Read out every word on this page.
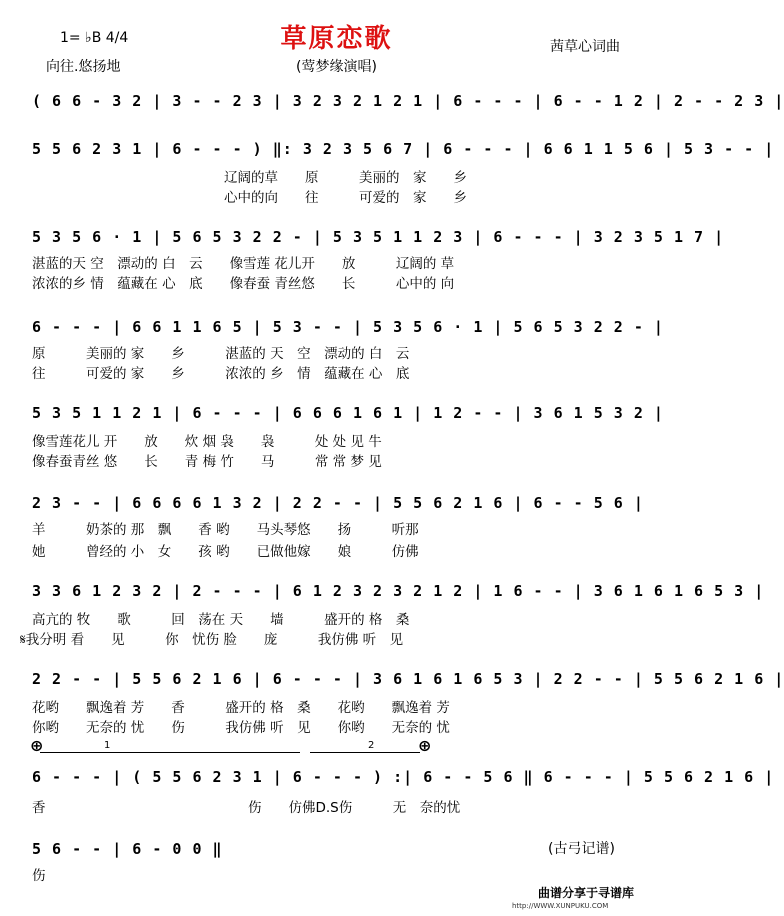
草原恋歌
(莺梦缘演唱)
1= ♭B 4/4
向往.悠扬地
茜草心词曲
( 6 6 - 3 2 | 3 - - 2 3 | 3 2 3 2 1 2 1 | 6 - - - | 6 - - 1 2 | 2 - - 2 3 |
5 5 6 2 3 1 | 6 - - - ) ‖: 3 2 3 5 6 7 | 6 - - - | 6 6 1 1 5 6 | 5 3 - - |
辽阔的草　　原　　　美丽的　家　　乡
心中的向　　往　　　可爱的　家　　乡
5 3 5 6 · 1 | 5 6 5 3 2 2 - | 5 3 5 1 1 2 3 | 6 - - - | 3 2 3 5 1 7 |
湛蓝的天 空　漂动的 白　云　　像雪莲 花儿开　　放　　　辽阔的 草
浓浓的乡 情　蕴藏在 心　底　　像春蚕 青丝悠　　长　　　心中的 向
6 - - - | 6 6 1 1 6 5 | 5 3 - - | 5 3 5 6 · 1 | 5 6 5 3 2 2 - |
原　　　美丽的 家　　乡　　　湛蓝的 天　空　漂动的 白　云
往　　　可爱的 家　　乡　　　浓浓的 乡　情　蕴藏在 心　底
5 3 5 1 1 2 1 | 6 - - - | 6 6 6 1 6 1 | 1 2 - - | 3 6 1 5 3 2 |
像雪莲花儿 开　　放　　炊 烟 袅　　袅　　　处 处 见 牛
像春蚕青丝 悠　　长　　青 梅 竹　　马　　　常 常 梦 见
2 3 - - | 6 6 6 6 1 3 2 | 2 2 - - | 5 5 6 2 1 6 | 6 - - 5 6 |
羊　　　奶茶的 那　飘　　香 哟　　马头琴悠　　扬　　　听那
她　　　曾经的 小　女　　孩 哟　　已做他嫁　　娘　　　仿佛
3 3 6 1 2 3 2 | 2 - - - | 6 1 2 3 2 3 2 1 2 | 1 6 - - | 3 6 1 6 1 6 5 3 |
高亢的 牧　　歌　　　回　荡在 天　　墙　　　盛开的 格　桑
𝄋我分明 看　　见　　　你　忧伤 脸　　庞　　　我仿佛 听　见
2 2 - - | 5 5 6 2 1 6 | 6 - - - | 3 6 1 6 1 6 5 3 | 2 2 - - | 5 5 6 2 1 6 |
花哟　　飘逸着 芳　　香　　　盛开的 格　桑　　花哟　　飘逸着 芳
你哟　　无奈的 忧　　伤　　　我仿佛 听　见　　你哟　　无奈的 忧
⊕	⊕
1	2
6 - - - | ( 5 5 6 2 3 1 | 6 - - - ) :| 6 - - 5 6 ‖ 6 - - - | 5 5 6 2 1 6 |
香　　　　　　　　　　　　　　　伤　　仿佛D.S伤　　　无　奈的忧
5 6 - - | 6 - 0 0 ‖
伤
(古弓记谱)
曲谱分享于寻谱库
http://WWW.XUNPUKU.COM
